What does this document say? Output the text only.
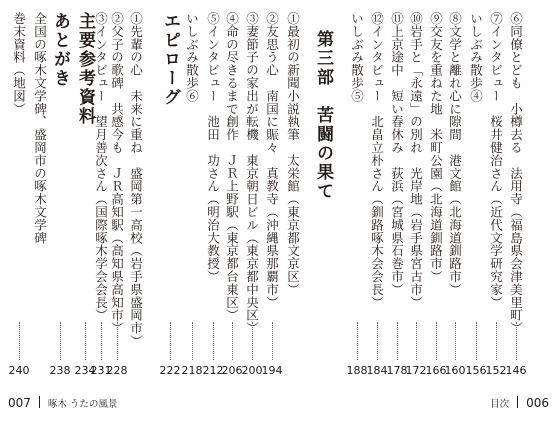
巻末資料（地図）
240
全国の啄木文学碑、盛岡市の啄木文学碑 あとがき
238
主要参考資料
234
③インタビュー　望月善次さん（国際啄木学会会長）
231
②父子の歌碑　共感今も　ＪＲ高知駅（高知県高知市）
228
①先輩の心　未来に重ね　盛岡第一高校（岩手県盛岡市） エピローグ
222
いしぶみ散歩⑥
218
⑤インタビュー　池田　功さん（明治大教授）
212
④命の尽きるまで創作　ＪＲ上野駅（東京都台東区）
206
③妻節子の家出が転機　東京朝日ビル（東京都中央区）
200
②友思う心　南国に賑々　真教寺（沖縄県那覇市）
194
①最初の新聞小説執筆　太栄館（東京都文京区） 第三部　苦闘の果て いしぶみ散歩⑤
188
⑫インタビュー　北畠立朴さん（釧路啄木会会長）
184
⑪上京途中　短い春休み　荻浜（宮城県石巻市）
178
⑩岩手と「永遠」の別れ　光岸地（岩手県宮古市）
172
⑨交友を重ねた地　米町公園（北海道釧路市）
166
⑧文学と離れ心に隙間　港文館（北海道釧路市）
160
いしぶみ散歩④
156
⑦インタビュー　桜井健治さん（近代文学研究家）
152
⑥同僚とども　小樽去る　法用寺（福島県会津美里町）
146
007 啄木 うたの風景	目次 006
